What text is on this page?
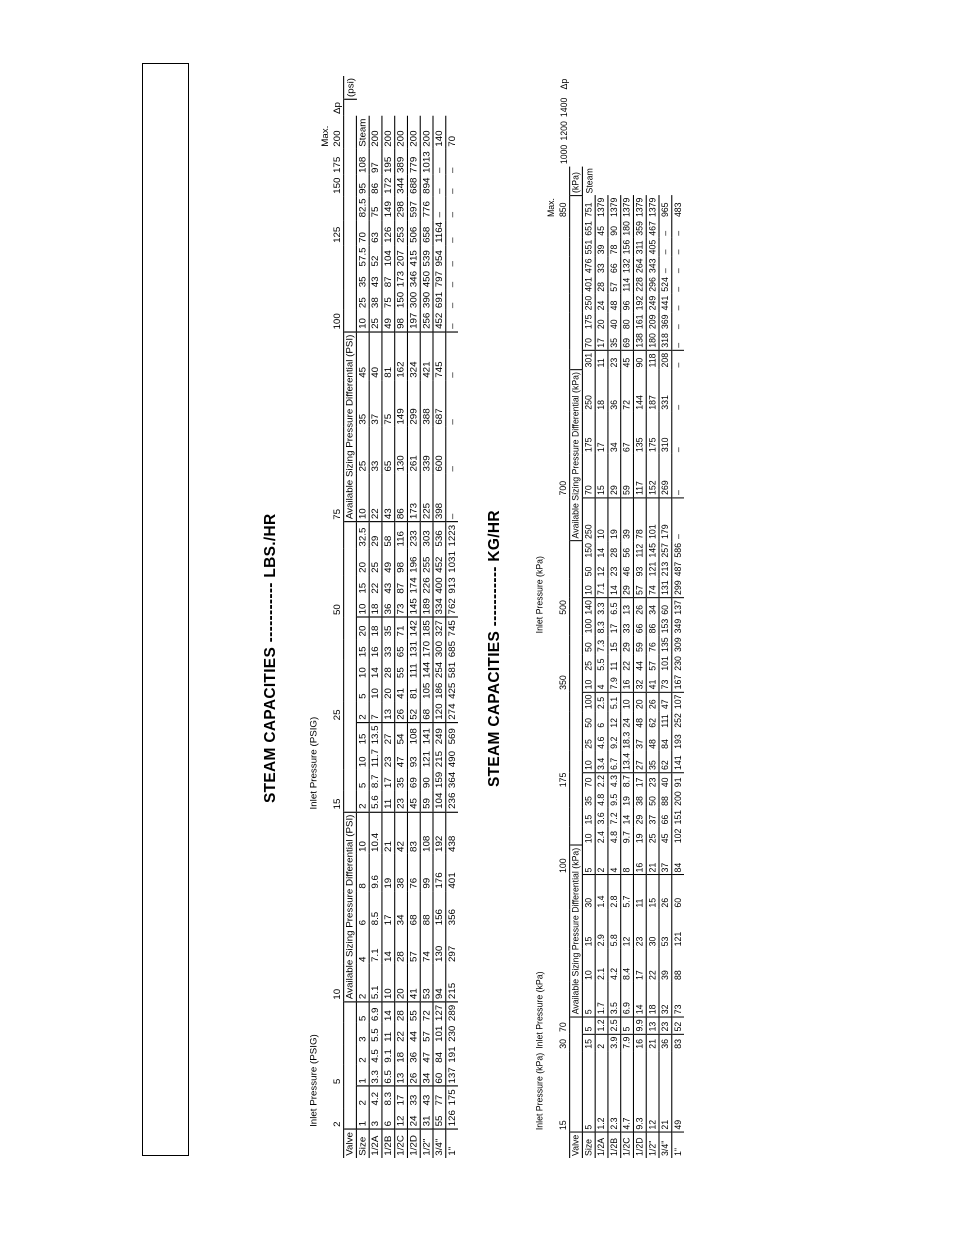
	Inlet Pressure (PSIG)											Inlet Pressure (PSIG)																											
																																					Max.		
	2		5				10					15				25					50				75				100				125		150	175	200	Δp	
Valve							Available Sizing Pressure Differential (PSI)																		Available Sizing Pressure Differential (PSI)														(psi)
Size	1	2	1	2	3	5	2	4	6	8	10	2	5	10	15	2	5	10	15	20	10	15	20	32.5	10	25	35	45	10	25	35	57.5	70	82.5	95	108	Steam		
1/2A	3	4.2	3.3	4.5	5.5	6.9	5.1	7.1	8.5	9.6	10.4	5.6	8.7	11.7	13.5	7	10	14	16	18	18	22	25	29	22	33	37	40	25	38	43	52	63	75	86	97	200		
1/2B	6	8.3	6.5	9.1	11	14	10	14	17	19	21	11	17	23	27	13	20	28	33	35	36	43	49	58	43	65	75	81	49	75	87	104	126	149	172	195	200		
1/2C	12	17	13	18	22	28	20	28	34	38	42	23	35	47	54	26	41	55	65	71	73	87	98	116	86	130	149	162	98	150	173	207	253	298	344	389	200		
1/2D	24	33	26	36	44	55	41	57	68	76	83	45	69	93	108	52	81	111	131	142	145	174	196	233	173	261	299	324	197	300	346	415	506	597	688	779	200		
1/2"	31	43	34	47	57	72	53	74	88	99	108	59	90	121	141	68	105	144	170	185	189	226	255	303	225	339	388	421	256	390	450	539	658	776	894	1013	200		
3/4"	55	77	60	84	101	127	94	130	156	176	192	104	159	215	249	120	186	254	300	327	334	400	452	536	398	600	687	745	452	691	797	954	1164	–	–	–	140		
1"	126	175	137	191	230	289	215	297	356	401	438	236	364	490	569	274	425	581	685	745	762	913	1031	1223	–	–	–	–	–	–	–	–	–	–	–	–	70		
STEAM CAPACITIES ----------- LBS./HR
	Inlet Pressure (kPa)	Inlet Pressure (kPa)																		Inlet Pressure (kPa)																							
																																					Max.						
	15	30	70					100				175					350				500					700											850		1000	1200	1400		Δp
Valve				Available Sizing Pressure Differential (kPa)																					Available Sizing Pressure Differential (kPa)													(kPa)					
Size	5	15	5	5	10	15	30	5	10	15	35	70	10	25	50	100	10	25	50	100	140	10	50	150	250	70	175	250	301	70	175	250	401	476	551	651	751	Steam					
1/2A	1.2	2	1.2	1.7	2.1	2.9	1.4	2	2.4	3.6	4.8	2.2	3.4	4.6	6	2.5	4	5.5	7.3	8.3	3.3	7.1	12	14	10	15	17	18	11	17	20	24	28	33	39	45	1379						
1/2B	2.3	3.9	2.5	3.5	4.2	5.8	2.8	4	4.8	7.2	9.5	4.3	6.7	9.2	12	5.1	7.9	11	15	17	6.5	14	23	28	19	29	34	36	23	35	40	48	57	66	78	90	1379						
1/2C	4.7	7.9	5	6.9	8.4	12	5.7	8	9.7	14	19	8.7	13.4	18.3	24	10	16	22	29	33	13	29	46	56	39	59	67	72	45	69	80	96	114	132	156	180	1379						
1/2D	9.3	16	9.9	14	17	23	11	16	19	29	38	17	27	37	48	20	32	44	59	66	26	57	93	112	78	117	135	144	90	138	161	192	228	264	311	359	1379						
1/2"	12	21	13	18	22	30	15	21	25	37	50	23	35	48	62	26	41	57	76	86	34	74	121	145	101	152	175	187	118	180	209	249	296	343	405	467	1379						
3/4"	21	36	23	32	39	53	26	37	45	66	88	40	62	84	111	47	73	101	135	153	60	131	213	257	179	269	310	331	208	318	369	441	524	–	–	–	965						
1"	49	83	52	73	88	121	60	84	102	151	200	91	141	193	252	107	167	230	309	349	137	299	487	586	–	–	–	–	–	–	–	–	–	–	–	–	483						
STEAM CAPACITIES ----------- KG/HR
